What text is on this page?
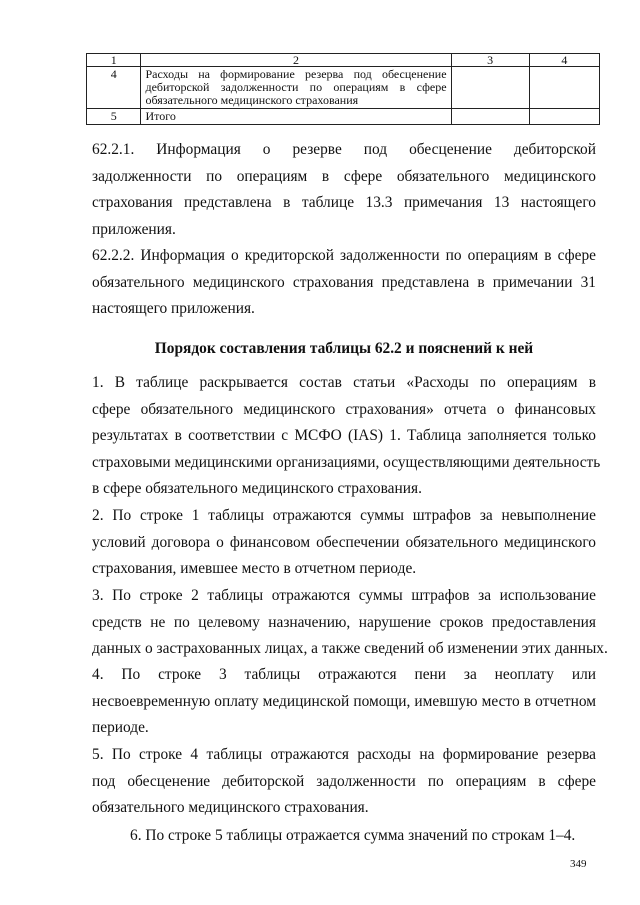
1	2	3	4
4	Расходы на формирование резерва под обесценение дебиторской задолженности по операциям в сфере обязательного медицинского страхования		
5	Итого		
62.2.1. Информация о резерве под обесценение дебиторской
задолженности по операциям в сфере обязательного медицинского
страхования представлена в таблице 13.3 примечания 13 настоящего
приложения.
62.2.2. Информация о кредиторской задолженности по операциям в сфере
обязательного медицинского страхования представлена в примечании 31
настоящего приложения.
Порядок составления таблицы 62.2 и пояснений к ней
1. В таблице раскрывается состав статьи «Расходы по операциям в
сфере обязательного медицинского страхования» отчета о финансовых
результатах в соответствии с МСФО (IAS) 1. Таблица заполняется только
страховыми медицинскими организациями, осуществляющими деятельность
в сфере обязательного медицинского страхования.
2. По строке 1 таблицы отражаются суммы штрафов за невыполнение
условий договора о финансовом обеспечении обязательного медицинского
страхования, имевшее место в отчетном периоде.
3. По строке 2 таблицы отражаются суммы штрафов за использование
средств не по целевому назначению, нарушение сроков предоставления
данных о застрахованных лицах, а также сведений об изменении этих данных.
4. По строке 3 таблицы отражаются пени за неоплату или
несвоевременную оплату медицинской помощи, имевшую место в отчетном
периоде.
5. По строке 4 таблицы отражаются расходы на формирование резерва
под обесценение дебиторской задолженности по операциям в сфере
обязательного медицинского страхования.
6. По строке 5 таблицы отражается сумма значений по строкам 1–4.
349
